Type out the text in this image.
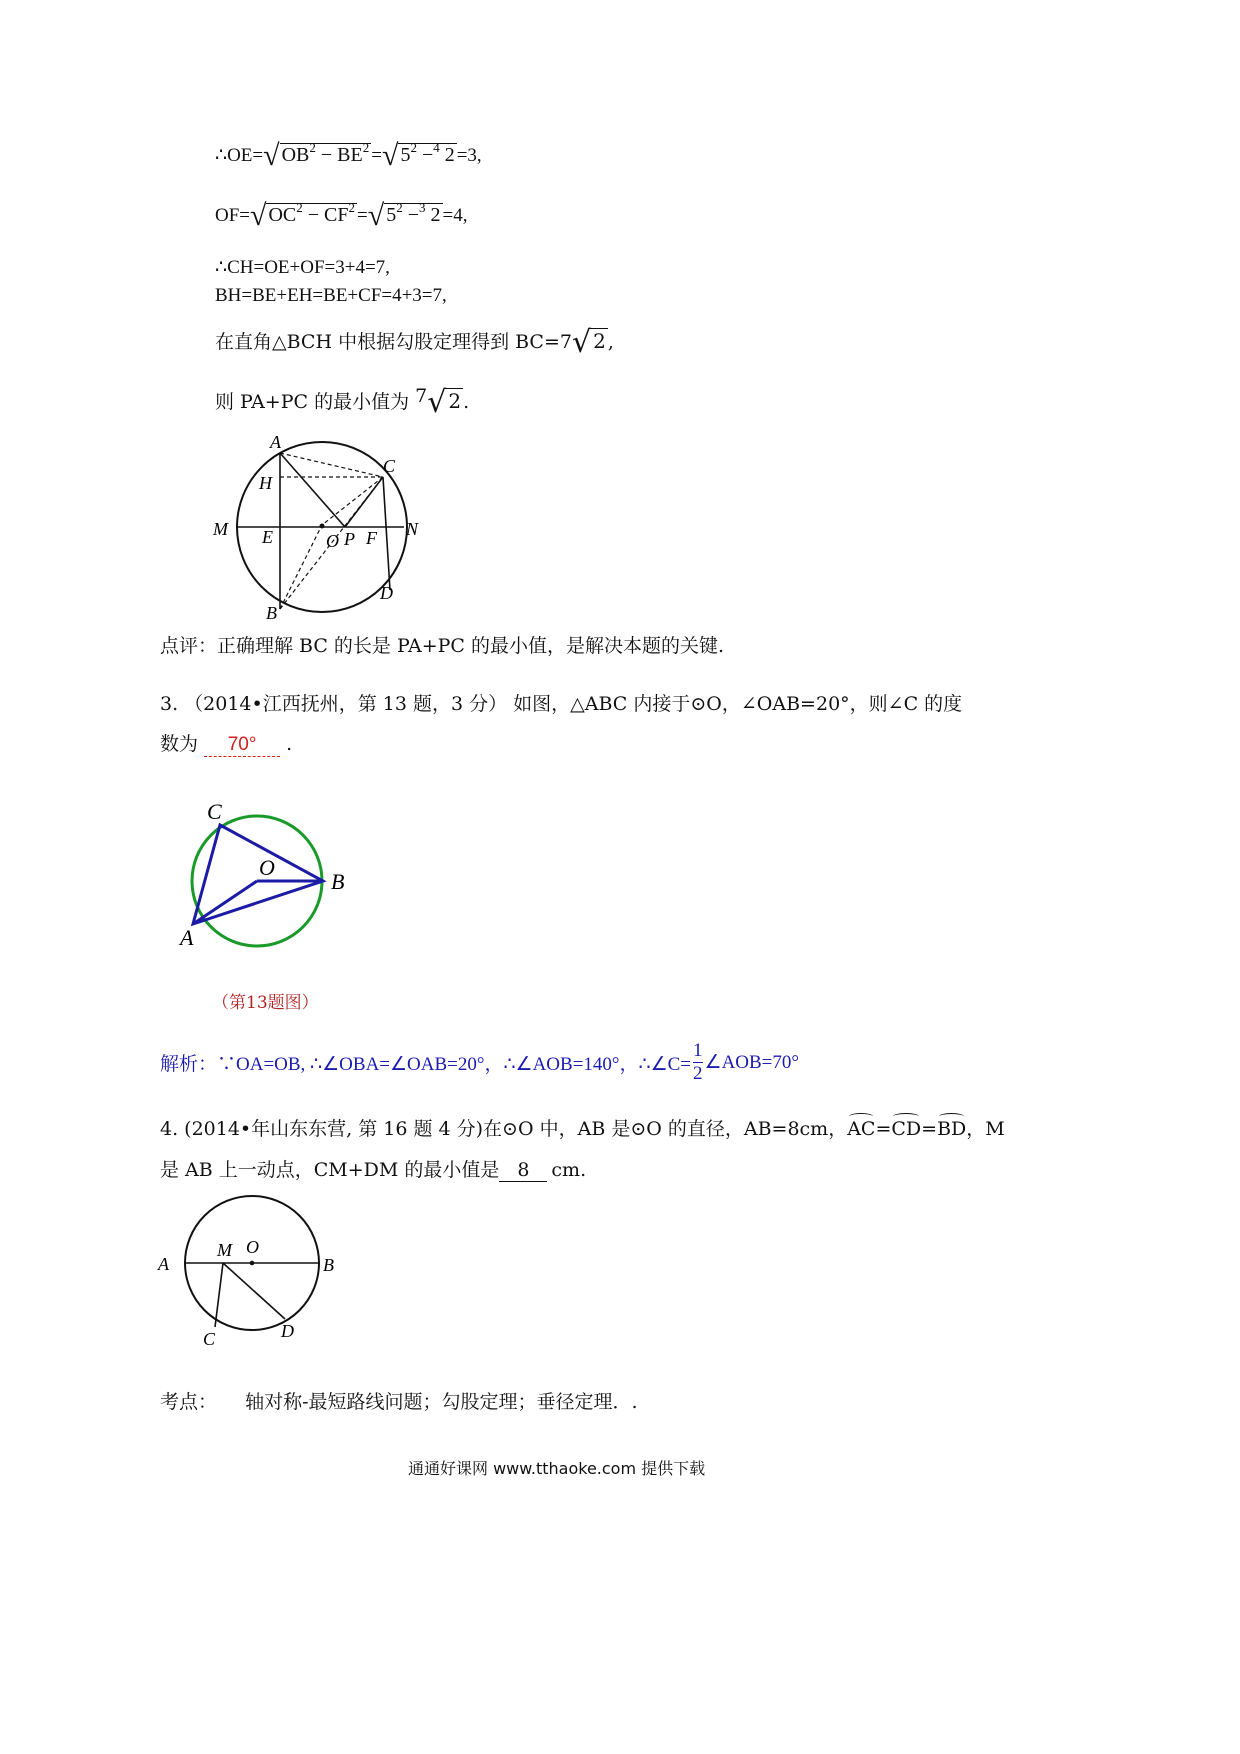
∴OE=√ $OB^2 - BE^2$ =√ $5^2 -^4$ 2 =3,
OF=√ $OC^2 - CF^2$ =√ $5^2 -^3$ 2 =4,
∴CH=OE+OF=3+4=7,
BH=BE+EH=BE+CF=4+3=7,
在直角△BCH 中根据勾股定理得到 BC=7√ 2 ,
则 PA+PC 的最小值为 7√ 2 .
A
C
H
M E	O P F N
B
D
点评：正确理解 BC 的长是 PA+PC 的最小值，是解决本题的关键.
3. （2014•江西抚州，第 13 题，3 分） 如图，△ABC 内接于⊙O，∠OAB=20°，则∠C 的度
数为 70° .
C
O
B
A
（第13题图）
解析：∵OA=OB, ∴∠OBA=∠OAB=20°，∴∠AOB=140°，∴∠C= $\frac{1}{2}$ ∠AOB=70°
4. (2014•年山东东营, 第 16 题 4 分)在⊙O 中，AB 是⊙O 的直径，AB=8cm，AC=CD=BD，M
是 AB 上一动点，CM+DM 的最小值是 8 cm.
A
M O
B
C	D
考点： 轴对称-最短路线问题；勾股定理；垂径定理．.
通通好课网 www.tthaoke.com 提供下载
